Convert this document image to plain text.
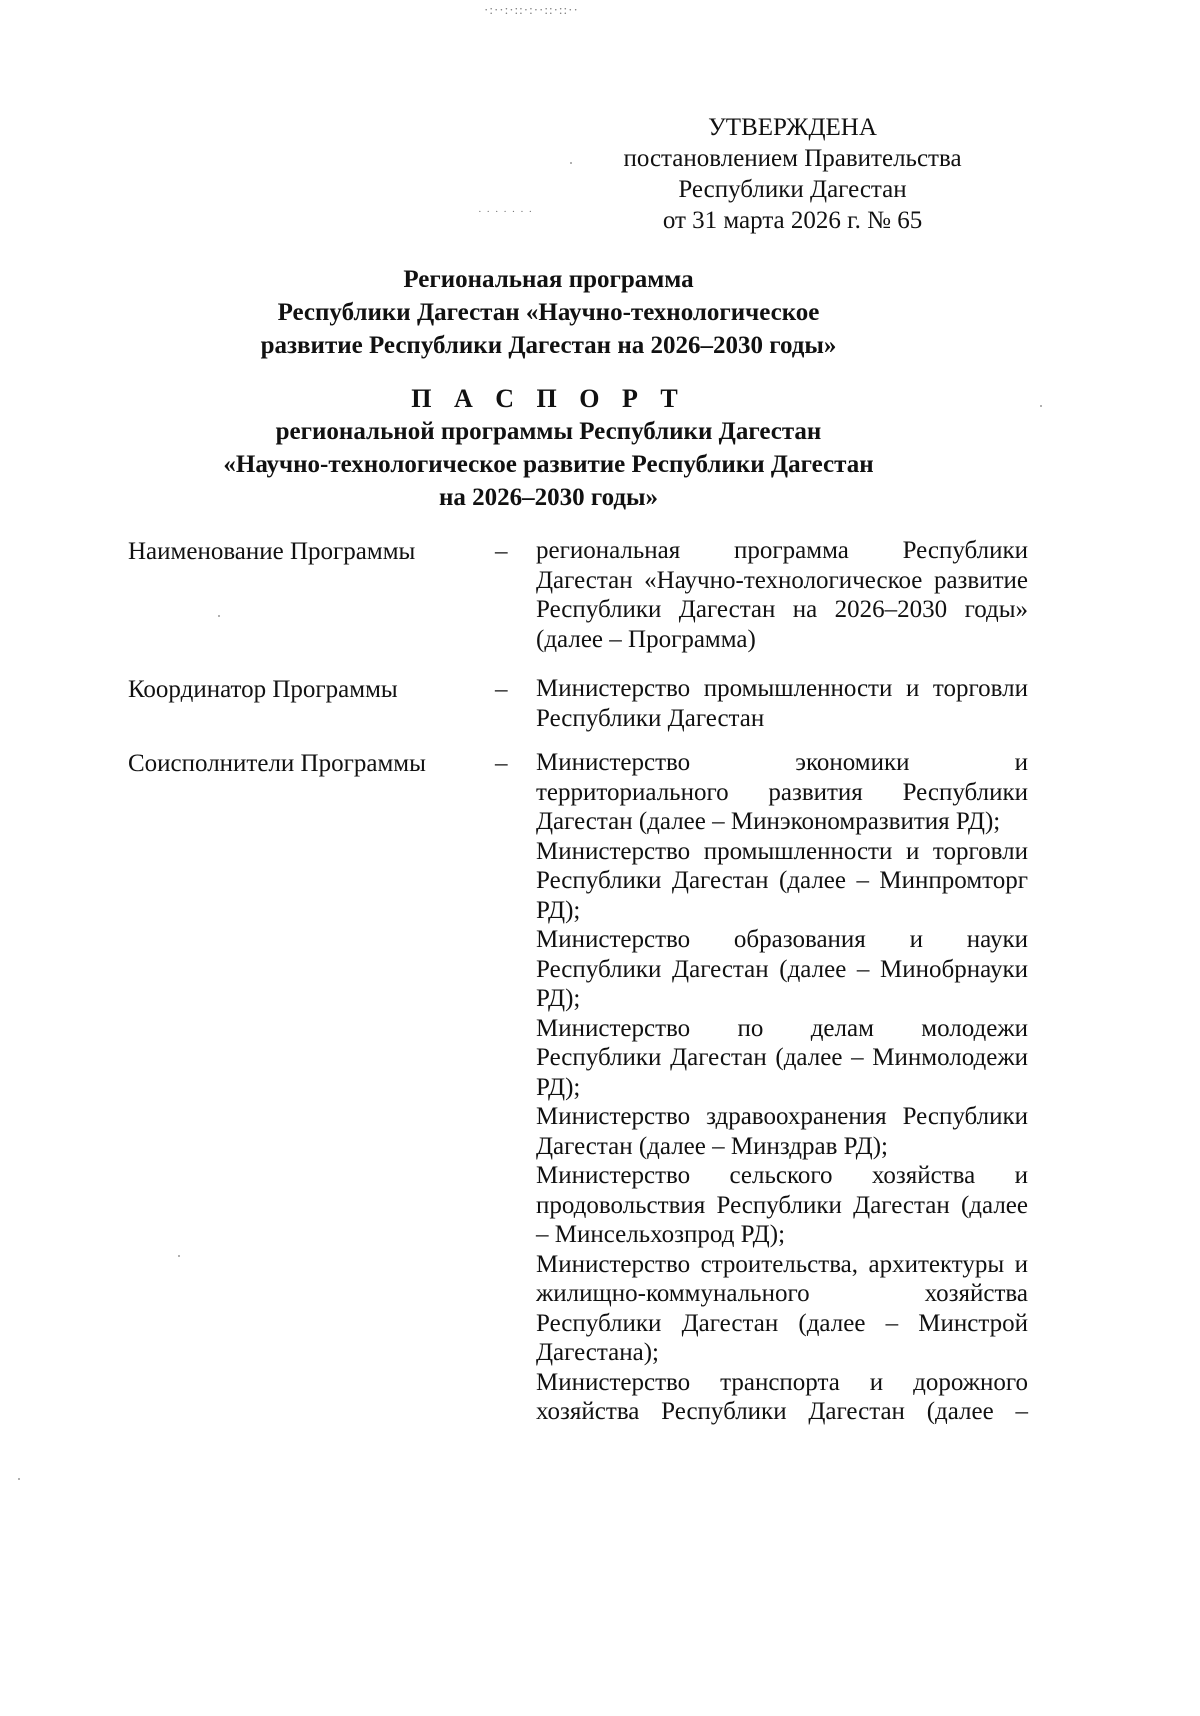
·:··:·::·:··::·::··
· · · · · · ·
УТВЕРЖДЕНА
постановлением Правительства
Республики Дагестан
от 31 марта 2026 г. № 65
Региональная программа
Республики Дагестан «Научно-технологическое
развитие Республики Дагестан на 2026–2030 годы»
П А С П О Р Т
региональной программы Республики Дагестан
«Научно-технологическое развитие Республики Дагестан
на 2026–2030 годы»
Наименование Программы	– региональная программа Республики Дагестан «Научно-технологическое развитие Республики Дагестан на 2026–2030 годы» (далее – Программа)

Координатор Программы	– Министерство промышленности и торговли Республики Дагестан

Соисполнители Программы	– Министерство экономики и территориального развития Республики Дагестан (далее – Минэкономразвития РД);

Министерство промышленности и торговли Республики Дагестан (далее – Минпромторг РД);

Министерство образования и науки Республики Дагестан (далее – Минобрнауки РД);

Министерство по делам молодежи Республики Дагестан (далее – Минмолодежи РД);

Министерство здравоохранения Республики Дагестан (далее – Минздрав РД);

Министерство сельского хозяйства и продовольствия Республики Дагестан (далее – Минсельхозпрод РД);

Министерство строительства, архитектуры и жилищно-коммунального хозяйства Республики Дагестан (далее – Минстрой Дагестана);

Министерство транспорта и дорожного хозяйства Республики Дагестан (далее –
